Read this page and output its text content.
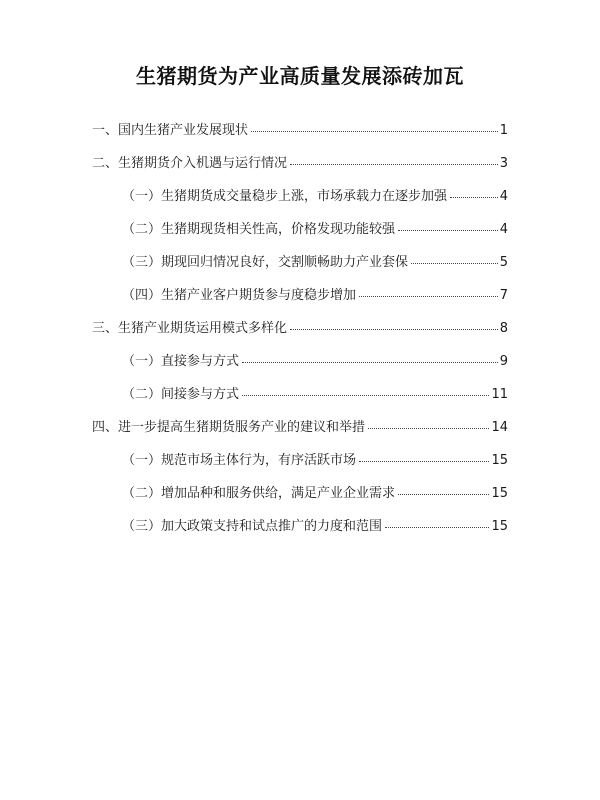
生猪期货为产业高质量发展添砖加瓦
一、国内生猪产业发展现状	1
二、生猪期货介入机遇与运行情况	3
（一）生猪期货成交量稳步上涨，市场承载力在逐步加强	4
（二）生猪期现货相关性高，价格发现功能较强	4
（三）期现回归情况良好，交割顺畅助力产业套保	5
（四）生猪产业客户期货参与度稳步增加	7
三、生猪产业期货运用模式多样化	8
（一）直接参与方式	9
（二）间接参与方式	11
四、进一步提高生猪期货服务产业的建议和举措	14
（一）规范市场主体行为，有序活跃市场	15
（二）增加品种和服务供给，满足产业企业需求	15
（三）加大政策支持和试点推广的力度和范围	15
